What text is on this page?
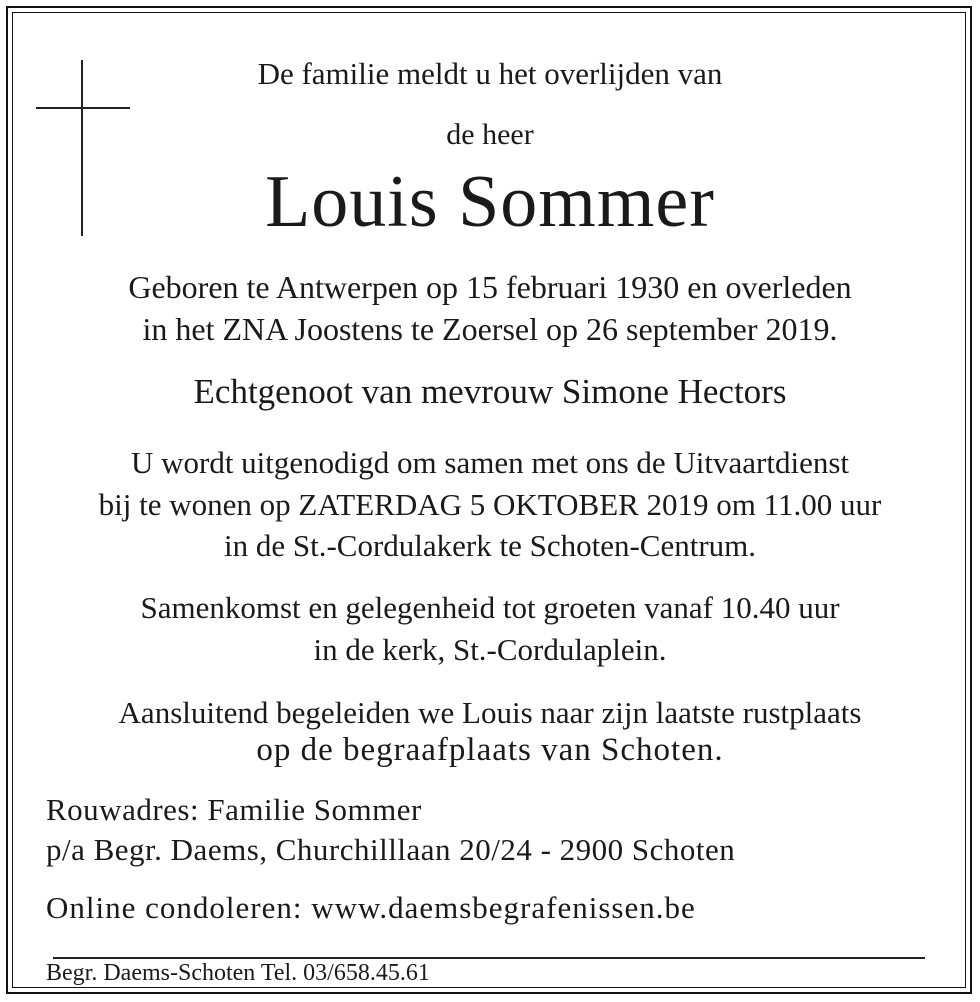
De familie meldt u het overlijden van
de heer
Louis Sommer
Geboren te Antwerpen op 15 februari 1930 en overleden
in het ZNA Joostens te Zoersel op 26 september 2019.
Echtgenoot van mevrouw Simone Hectors
U wordt uitgenodigd om samen met ons de Uitvaartdienst
bij te wonen op ZATERDAG 5 OKTOBER 2019 om 11.00 uur
in de St.-Cordulakerk te Schoten-Centrum.
Samenkomst en gelegenheid tot groeten vanaf 10.40 uur
in de kerk, St.-Cordulaplein.
Aansluitend begeleiden we Louis naar zijn laatste rustplaats
op de begraafplaats van Schoten.
Rouwadres: Familie Sommer
p/a Begr. Daems, Churchilllaan 20/24 - 2900 Schoten
Online condoleren: www.daemsbegrafenissen.be
Begr. Daems-Schoten Tel. 03/658.45.61
